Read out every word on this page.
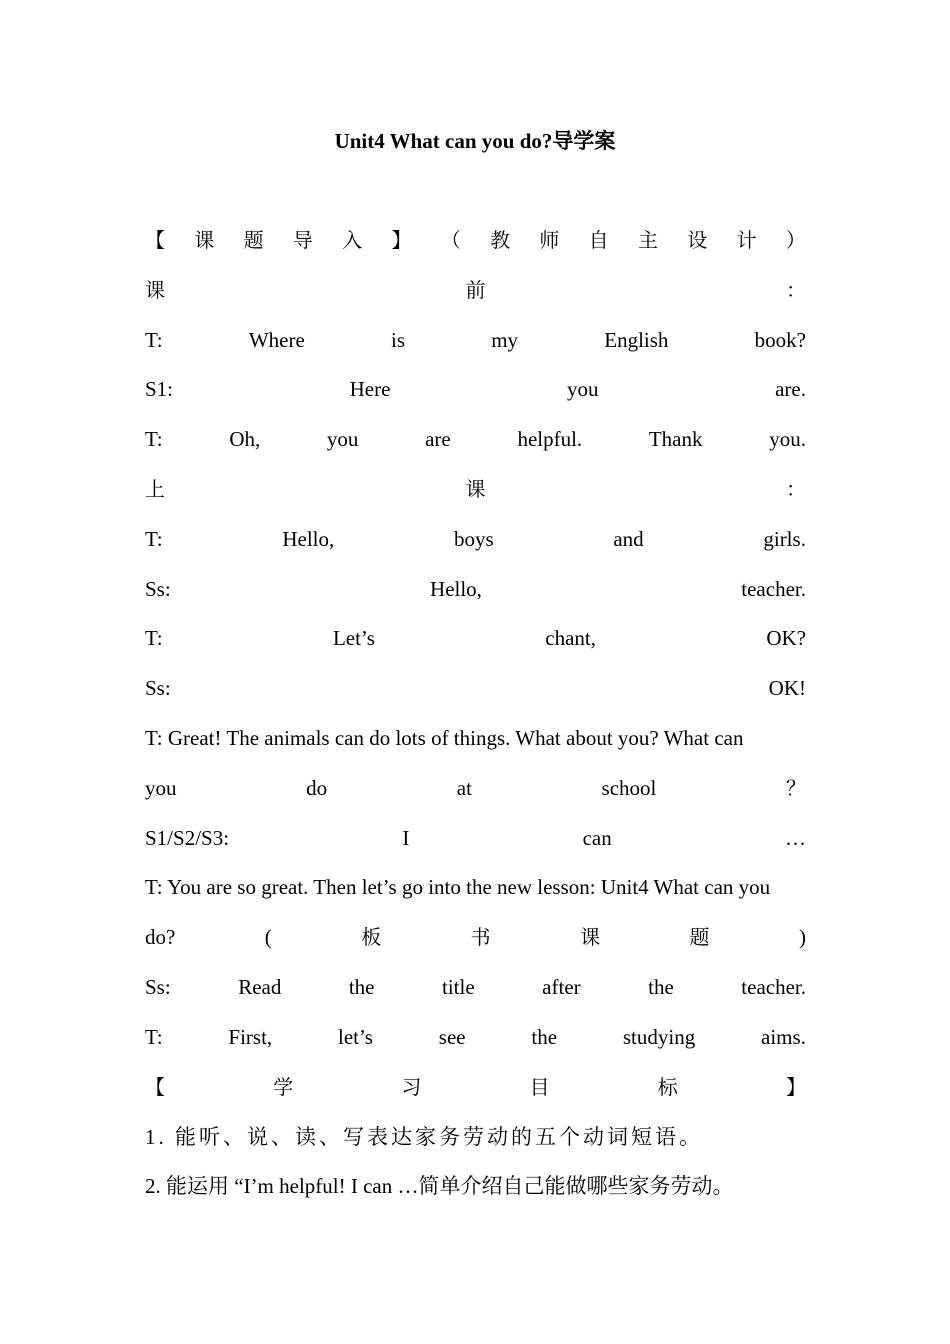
Unit4 What can you do?导学案
【 课 题 导 入 】 （ 教 师 自 主 设 计 ）
课	前	：
T:	Where	is	my	English	book?
S1:	Here	you	are.
T:	Oh,	you	are	helpful.	Thank	you.
上	课	：
T:	Hello,	boys	and	girls.
Ss:	Hello,	teacher.
T:	Let’s	chant,	OK?
Ss:	OK!
T: Great! The animals can do lots of things. What about you? What can
you	do	at	school	？
S1/S2/S3:	I	can	…
T: You are so great. Then let’s go into the new lesson: Unit4 What can you
do?	(	板	书	课	题	)
Ss:	Read	the	title	after	the	teacher.
T:	First,	let’s	see	the	studying	aims.
【	学	习	目	标	】
1. 能听、说、读、写表达家务劳动的五个动词短语。
2. 能运用 “I’m helpful! I can …简单介绍自己能做哪些家务劳动。
